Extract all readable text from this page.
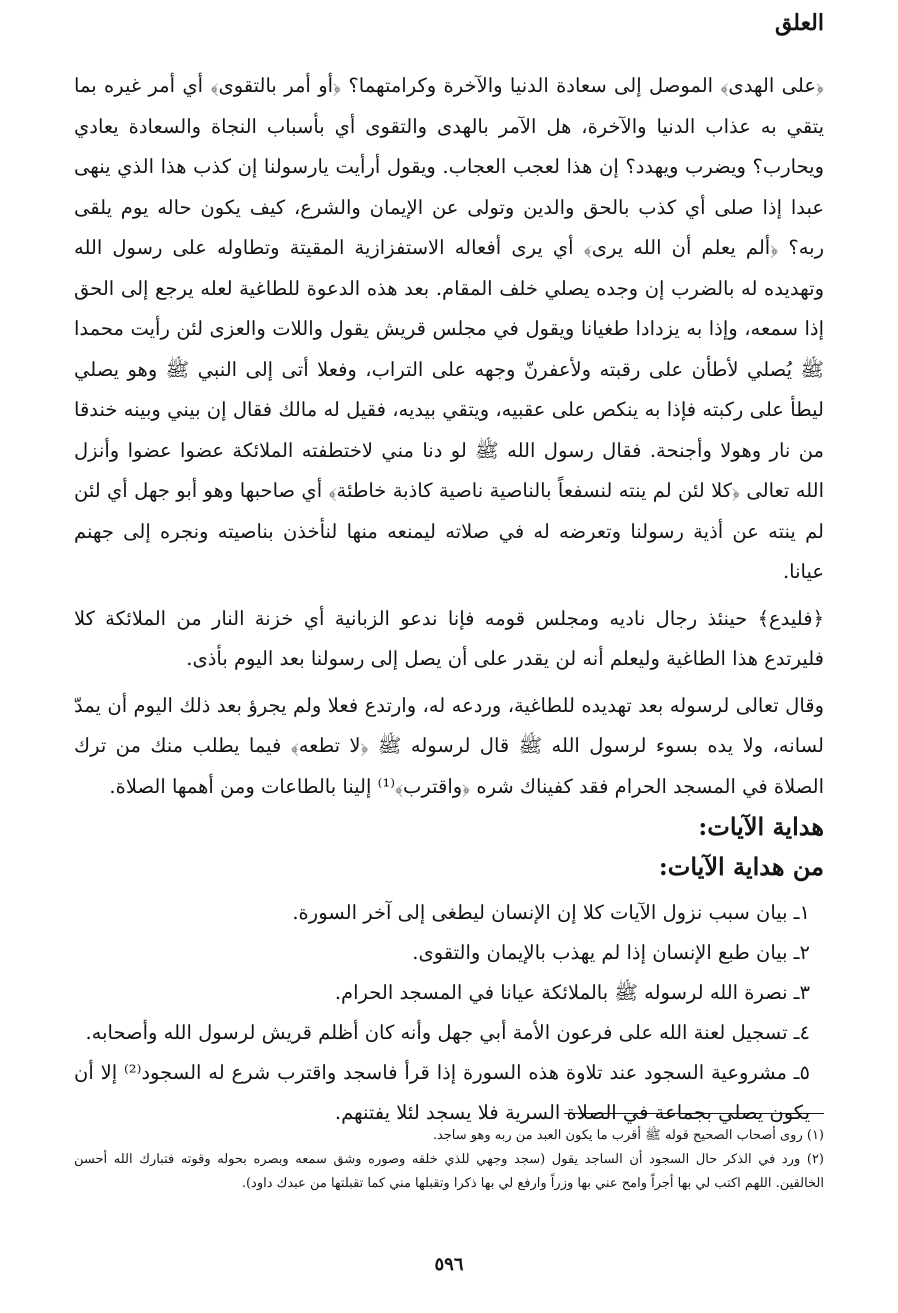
العلق

﴿على الهدى﴾ الموصل إلى سعادة الدنيا والآخرة وكرامتهما؟ ﴿أو أمر بالتقوى﴾ أي أمر غيره بما يتقي به عذاب الدنيا والآخرة، هل الآمر بالهدى والتقوى أي بأسباب النجاة والسعادة يعادي ويحارب؟ ويضرب ويهدد؟ إن هذا لعجب العجاب. ويقول أرأيت يارسولنا إن كذب هذا الذي ينهى عبدا إذا صلى أي كذب بالحق والدين وتولى عن الإيمان والشرع، كيف يكون حاله يوم يلقى ربه؟ ﴿ألم يعلم أن الله يرى﴾ أي يرى أفعاله الاستفزازية المقيتة وتطاوله على رسول الله وتهديده له بالضرب إن وجده يصلي خلف المقام. بعد هذه الدعوة للطاغية لعله يرجع إلى الحق إذا سمعه، وإذا به يزدادا طغيانا ويقول في مجلس قريش يقول واللات والعزى لئن رأيت محمدا ﷺ يُصلي لأطأن على رقبته ولأعفرنّ وجهه على التراب، وفعلا أتى إلى النبي ﷺ وهو يصلي ليطأ على ركبته فإذا به ينكص على عقبيه، ويتقي بيديه، فقيل له مالك فقال إن بيني وبينه خندقا من نار وهولا وأجنحة. فقال رسول الله ﷺ لو دنا مني لاختطفته الملائكة عضوا عضوا وأنزل الله تعالى ﴿كلا لئن لم ينته لنسفعاً بالناصية ناصية كاذبة خاطئة﴾ أي صاحبها وهو أبو جهل أي لئن لم ينته عن أذية رسولنا وتعرضه له في صلاته ليمنعه منها لنأخذن بناصيته ونجره إلى جهنم عيانا.

﴿فليدع﴾ حينئذ رجال ناديه ومجلس قومه فإنا ندعو الزبانية أي خزنة النار من الملائكة كلا فليرتدع هذا الطاغية وليعلم أنه لن يقدر على أن يصل إلى رسولنا بعد اليوم بأذى.

وقال تعالى لرسوله بعد تهديده للطاغية، وردعه له، وارتدع فعلا ولم يجرؤ بعد ذلك اليوم أن يمدّ لسانه، ولا يده بسوء لرسول الله ﷺ قال لرسوله ﷺ ﴿لا تطعه﴾ فيما يطلب منك من ترك الصلاة في المسجد الحرام فقد كفيناك شره ﴿واقترب﴾⁽¹⁾ إلينا بالطاعات ومن أهمها الصلاة.

هداية الآيات:
من هداية الآيات:
١ـ بيان سبب نزول الآيات كلا إن الإنسان ليطغى إلى آخر السورة.
٢ـ بيان طبع الإنسان إذا لم يهذب بالإيمان والتقوى.
٣ـ نصرة الله لرسوله ﷺ بالملائكة عيانا في المسجد الحرام.
٤ـ تسجيل لعنة الله على فرعون الأمة أبي جهل وأنه كان أظلم قريش لرسول الله وأصحابه.
٥ـ مشروعية السجود عند تلاوة هذه السورة إذا قرأ فاسجد واقترب شرع له السجود⁽²⁾ إلا أن يكون يصلي بجماعة في الصلاة السرية فلا يسجد لئلا يفتنهم.

(١) روى أصحاب الصحيح قوله ﷺ أقرب ما يكون العبد من ربه وهو ساجد.

(٢) ورد في الذكر حال السجود أن الساجد يقول (سجد وجهي للذي خلقه وصوره وشق سمعه وبصره بحوله وقوته فتبارك الله أحسن الخالقين. اللهم اكتب لي بها أجراً وامح عني بها وزراً وارفع لي بها ذكرا وتقبلها مني كما تقبلتها من عبدك داود).

٥٩٦
